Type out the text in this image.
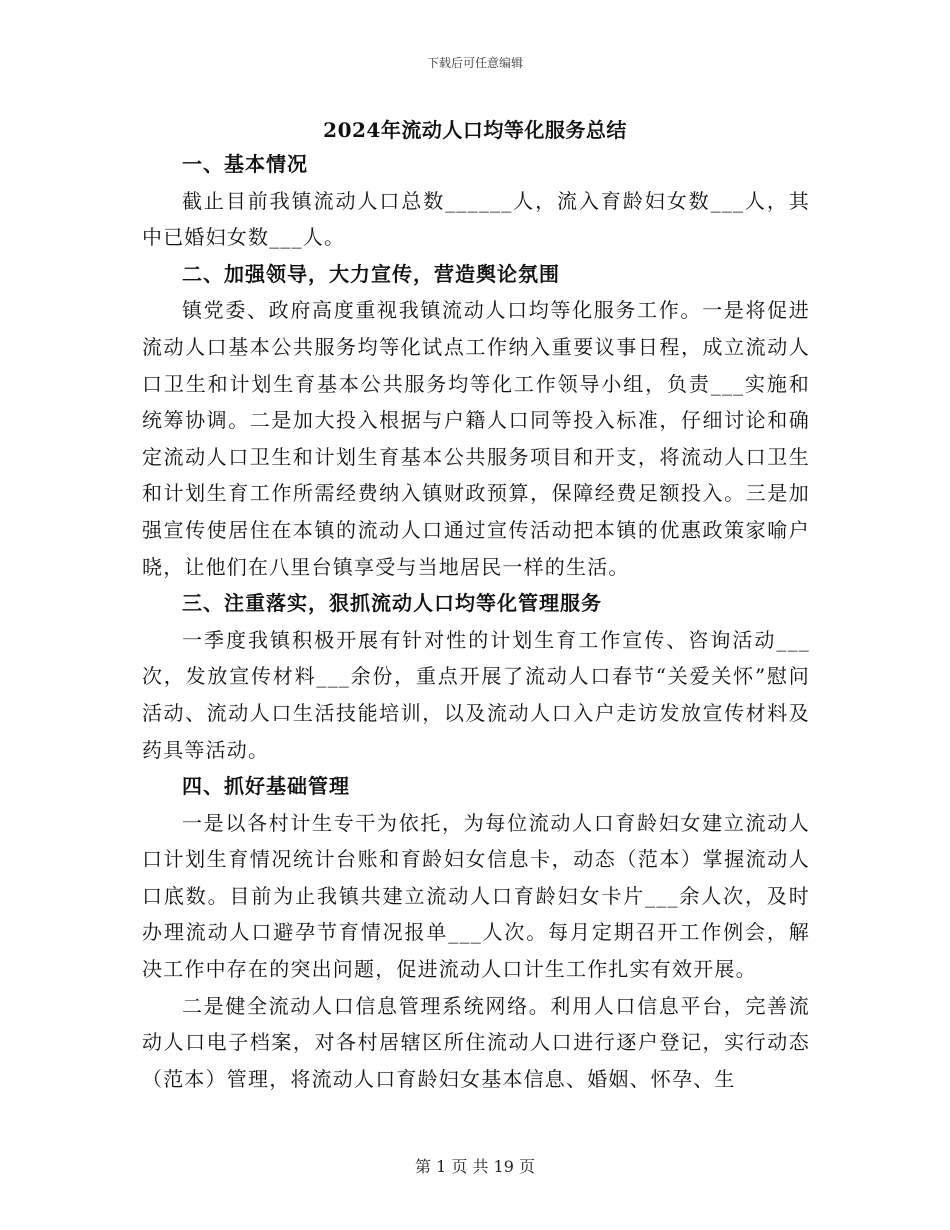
下载后可任意编辑
2024年流动人口均等化服务总结
一、基本情况

截止目前我镇流动人口总数______人，流入育龄妇女数___人，其中已婚妇女数___人。

二、加强领导，大力宣传，营造舆论氛围

镇党委、政府高度重视我镇流动人口均等化服务工作。一是将促进流动人口基本公共服务均等化试点工作纳入重要议事日程，成立流动人口卫生和计划生育基本公共服务均等化工作领导小组，负责___实施和统筹协调。二是加大投入根据与户籍人口同等投入标准，仔细讨论和确定流动人口卫生和计划生育基本公共服务项目和开支，将流动人口卫生和计划生育工作所需经费纳入镇财政预算，保障经费足额投入。三是加强宣传使居住在本镇的流动人口通过宣传活动把本镇的优惠政策家喻户晓，让他们在八里台镇享受与当地居民一样的生活。

三、注重落实，狠抓流动人口均等化管理服务

一季度我镇积极开展有针对性的计划生育工作宣传、咨询活动___次，发放宣传材料___余份，重点开展了流动人口春节“关爱关怀”慰问活动、流动人口生活技能培训，以及流动人口入户走访发放宣传材料及药具等活动。

四、抓好基础管理

一是以各村计生专干为依托，为每位流动人口育龄妇女建立流动人口计划生育情况统计台账和育龄妇女信息卡，动态（范本）掌握流动人口底数。目前为止我镇共建立流动人口育龄妇女卡片___余人次，及时办理流动人口避孕节育情况报单___人次。每月定期召开工作例会，解决工作中存在的突出问题，促进流动人口计生工作扎实有效开展。

二是健全流动人口信息管理系统网络。利用人口信息平台，完善流动人口电子档案，对各村居辖区所住流动人口进行逐户登记，实行动态（范本）管理，将流动人口育龄妇女基本信息、婚姻、怀孕、生

第 1 页 共 19 页
